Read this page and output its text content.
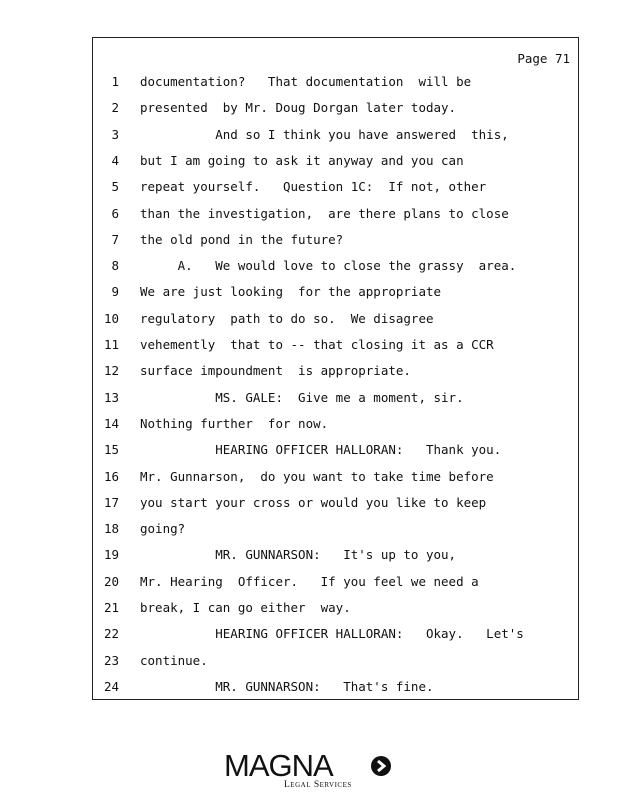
Page 71
1 documentation?   That documentation  will be
2 presented  by Mr. Doug Dorgan later today.
3 And so I think you have answered  this,
4 but I am going to ask it anyway and you can
5 repeat yourself.   Question 1C:  If not, other
6 than the investigation,  are there plans to close
7 the old pond in the future?
8 A.   We would love to close the grassy  area.
9 We are just looking  for the appropriate
10 regulatory  path to do so.  We disagree
11 vehemently  that to -- that closing it as a CCR
12 surface impoundment  is appropriate.
13 MS. GALE:  Give me a moment, sir.
14 Nothing further  for now.
15 HEARING OFFICER HALLORAN:   Thank you.
16 Mr. Gunnarson,  do you want to take time before
17 you start your cross or would you like to keep
18 going?
19 MR. GUNNARSON:   It's up to you,
20 Mr. Hearing  Officer.   If you feel we need a
21 break, I can go either  way.
22 HEARING OFFICER HALLORAN:   Okay.   Let's
23 continue.
24 MR. GUNNARSON:   That's fine.
MAGNA
Legal Services
